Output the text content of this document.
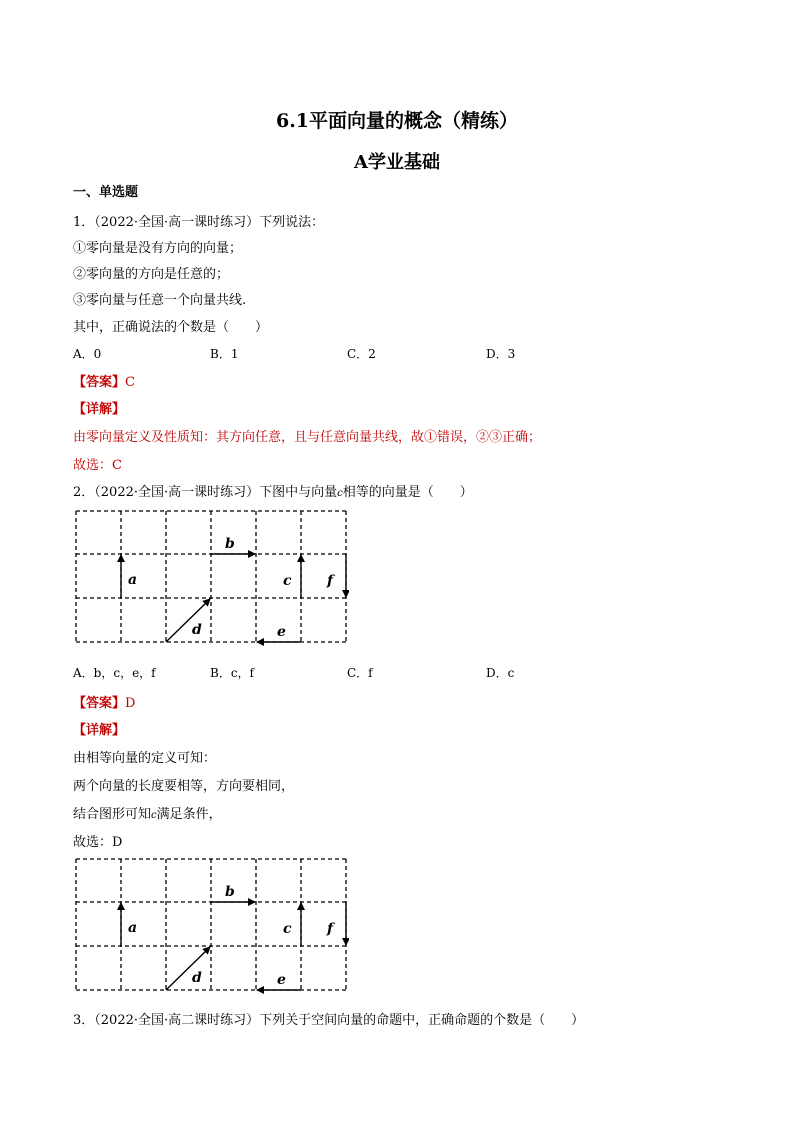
6.1平面向量的概念（精练）
A学业基础
一、单选题
1．（2022·全国·高一课时练习）下列说法：
①零向量是没有方向的向量；
②零向量的方向是任意的；
③零向量与任意一个向量共线.
其中，正确说法的个数是（　　）
A．0	B．1	C．2	D．3
【答案】C
【详解】
由零向量定义及性质知：其方向任意，且与任意向量共线，故①错误，②③正确；
故选：C
2．（2022·全国·高一课时练习）下图中与向量c相等的向量是（　　）
a
b
c
d	e
f
A．b，c，e，f	B．c，f	C．f	D．c
【答案】D
【详解】
由相等向量的定义可知：
两个向量的长度要相等，方向要相同，
结合图形可知c满足条件，
故选：D
a
b
c
d	e
f
3．（2022·全国·高二课时练习）下列关于空间向量的命题中，正确命题的个数是（　　）
